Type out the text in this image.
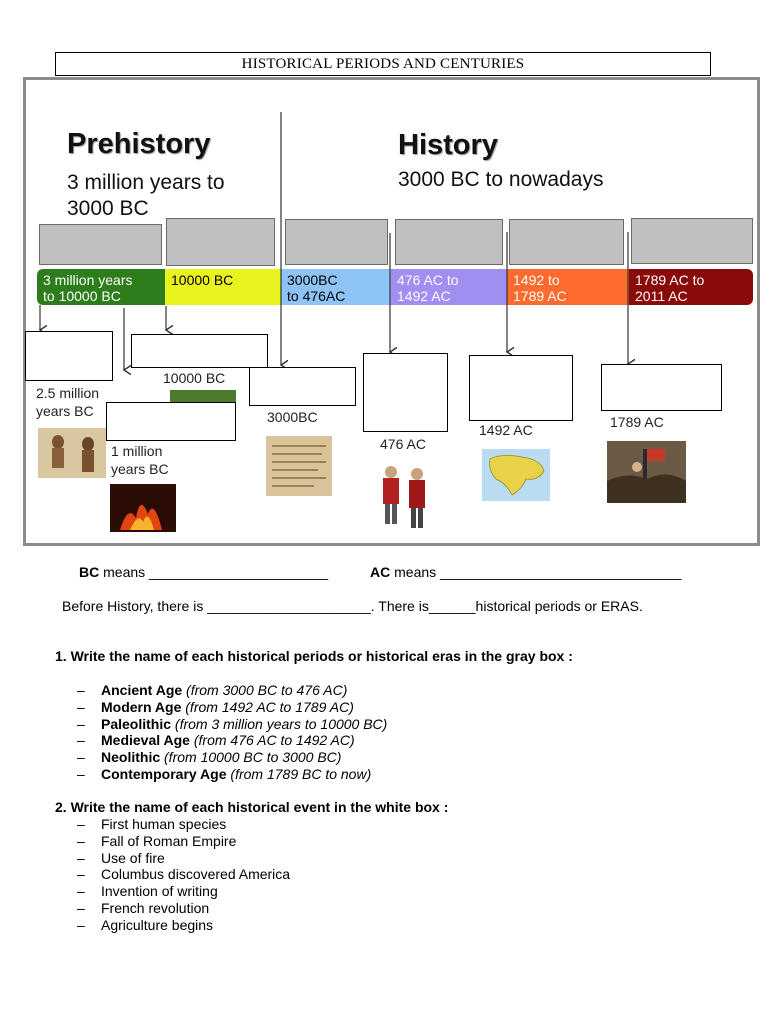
HISTORICAL PERIODS AND CENTURIES
Prehistory
3 million years to
3000 BC
History
3000 BC to nowadays
3 million years
to 10000 BC
10000 BC	3000BC
to 476AC
476 AC to
1492 AC
1492 to
1789 AC
1789 AC to
2011 AC
2.5 million
years BC
1 million
years BC
10000 BC
3000BC
476 AC
1492 AC	1789 AC
BC means _______________________	AC means _______________________________
Before History, there is _____________________. There is______historical periods or ERAS.
1. Write the name of each historical periods or historical eras in the gray box :
– Ancient Age (from 3000 BC to 476 AC)
– Modern Age (from 1492 AC to 1789 AC)
– Paleolithic (from 3 million years to 10000 BC)
– Medieval Age (from 476 AC to 1492 AC)
– Neolithic (from 10000 BC to 3000 BC)
– Contemporary Age (from 1789 BC to now)
2. Write the name of each historical event in the white box :
– First human species
– Fall of Roman Empire
– Use of fire
– Columbus discovered America
– Invention of writing
– French revolution
– Agriculture begins
